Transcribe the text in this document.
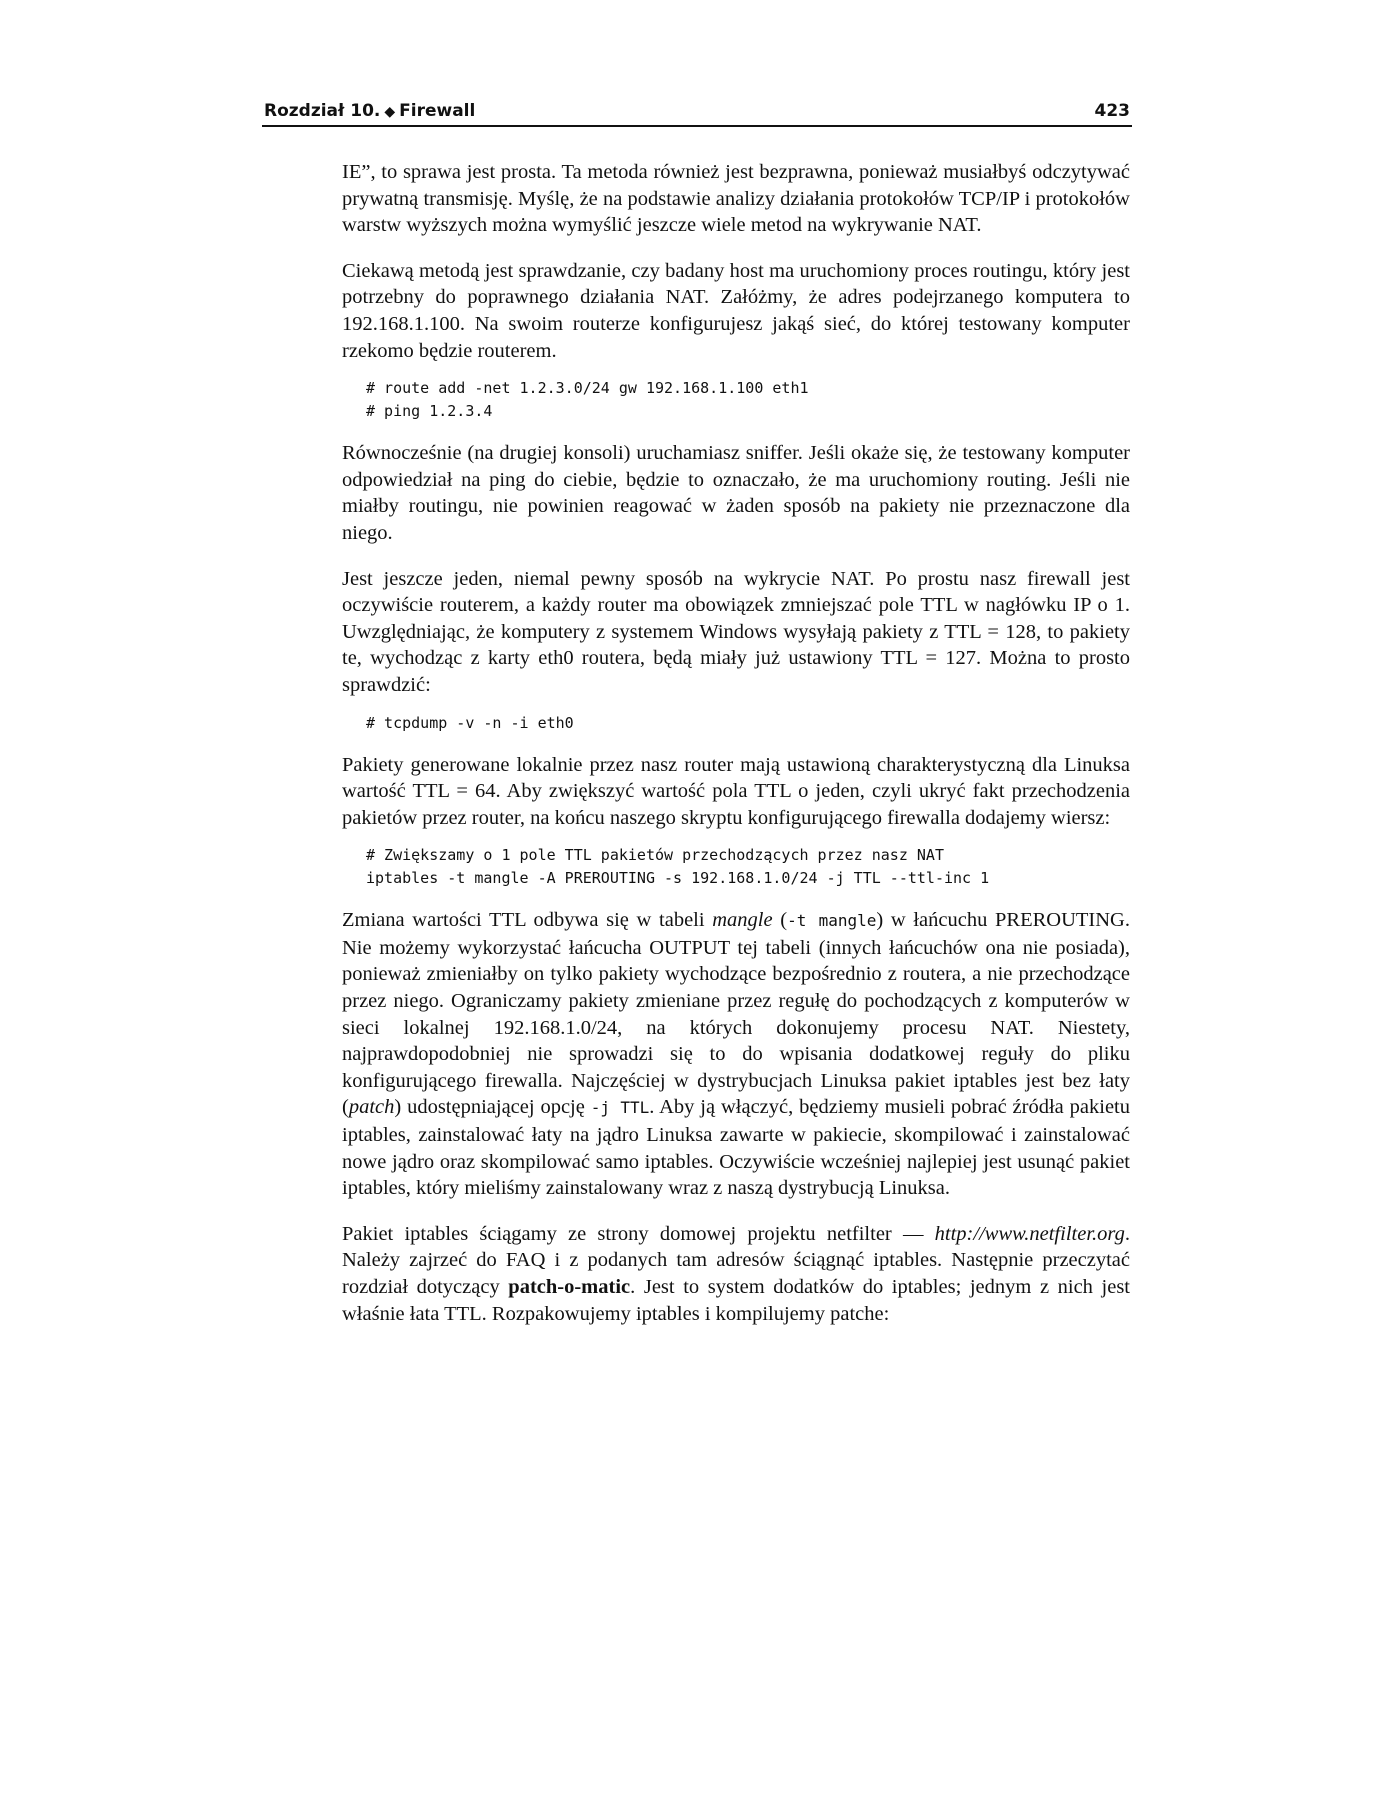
Rozdział 10. ◆ Firewall	423

IE”, to sprawa jest prosta. Ta metoda również jest bezprawna, ponieważ musiałbyś odczytywać prywatną transmisję. Myślę, że na podstawie analizy działania protokołów TCP/IP i protokołów warstw wyższych można wymyślić jeszcze wiele metod na wykrywanie NAT.

Ciekawą metodą jest sprawdzanie, czy badany host ma uruchomiony proces routingu, który jest potrzebny do poprawnego działania NAT. Załóżmy, że adres podejrzanego komputera to 192.168.1.100. Na swoim routerze konfigurujesz jakąś sieć, do której testowany komputer rzekomo będzie routerem.

# route add -net 1.2.3.0/24 gw 192.168.1.100 eth1
# ping 1.2.3.4

Równocześnie (na drugiej konsoli) uruchamiasz sniffer. Jeśli okaże się, że testowany komputer odpowiedział na ping do ciebie, będzie to oznaczało, że ma uruchomiony routing. Jeśli nie miałby routingu, nie powinien reagować w żaden sposób na pakiety nie przeznaczone dla niego.

Jest jeszcze jeden, niemal pewny sposób na wykrycie NAT. Po prostu nasz firewall jest oczywiście routerem, a każdy router ma obowiązek zmniejszać pole TTL w nagłówku IP o 1. Uwzględniając, że komputery z systemem Windows wysyłają pakiety z TTL = 128, to pakiety te, wychodząc z karty eth0 routera, będą miały już ustawiony TTL = 127. Można to prosto sprawdzić:

# tcpdump -v -n -i eth0

Pakiety generowane lokalnie przez nasz router mają ustawioną charakterystyczną dla Linuksa wartość TTL = 64. Aby zwiększyć wartość pola TTL o jeden, czyli ukryć fakt przechodzenia pakietów przez router, na końcu naszego skryptu konfigurującego firewalla dodajemy wiersz:

# Zwiększamy o 1 pole TTL pakietów przechodzących przez nasz NAT
iptables -t mangle -A PREROUTING -s 192.168.1.0/24 -j TTL --ttl-inc 1

Zmiana wartości TTL odbywa się w tabeli mangle (-t mangle) w łańcuchu PREROUTING. Nie możemy wykorzystać łańcucha OUTPUT tej tabeli (innych łańcuchów ona nie posiada), ponieważ zmieniałby on tylko pakiety wychodzące bezpośrednio z routera, a nie przechodzące przez niego. Ograniczamy pakiety zmieniane przez regułę do pochodzących z komputerów w sieci lokalnej 192.168.1.0/24, na których dokonujemy procesu NAT. Niestety, najprawdopodobniej nie sprowadzi się to do wpisania dodatkowej reguły do pliku konfigurującego firewalla. Najczęściej w dystrybucjach Linuksa pakiet iptables jest bez łaty (patch) udostępniającej opcję -j TTL. Aby ją włączyć, będziemy musieli pobrać źródła pakietu iptables, zainstalować łaty na jądro Linuksa zawarte w pakiecie, skompilować i zainstalować nowe jądro oraz skompilować samo iptables. Oczywiście wcześniej najlepiej jest usunąć pakiet iptables, który mieliśmy zainstalowany wraz z naszą dystrybucją Linuksa.

Pakiet iptables ściągamy ze strony domowej projektu netfilter — http://www.netfilter.org. Należy zajrzeć do FAQ i z podanych tam adresów ściągnąć iptables. Następnie przeczytać rozdział dotyczący patch-o-matic. Jest to system dodatków do iptables; jednym z nich jest właśnie łata TTL. Rozpakowujemy iptables i kompilujemy patche:
